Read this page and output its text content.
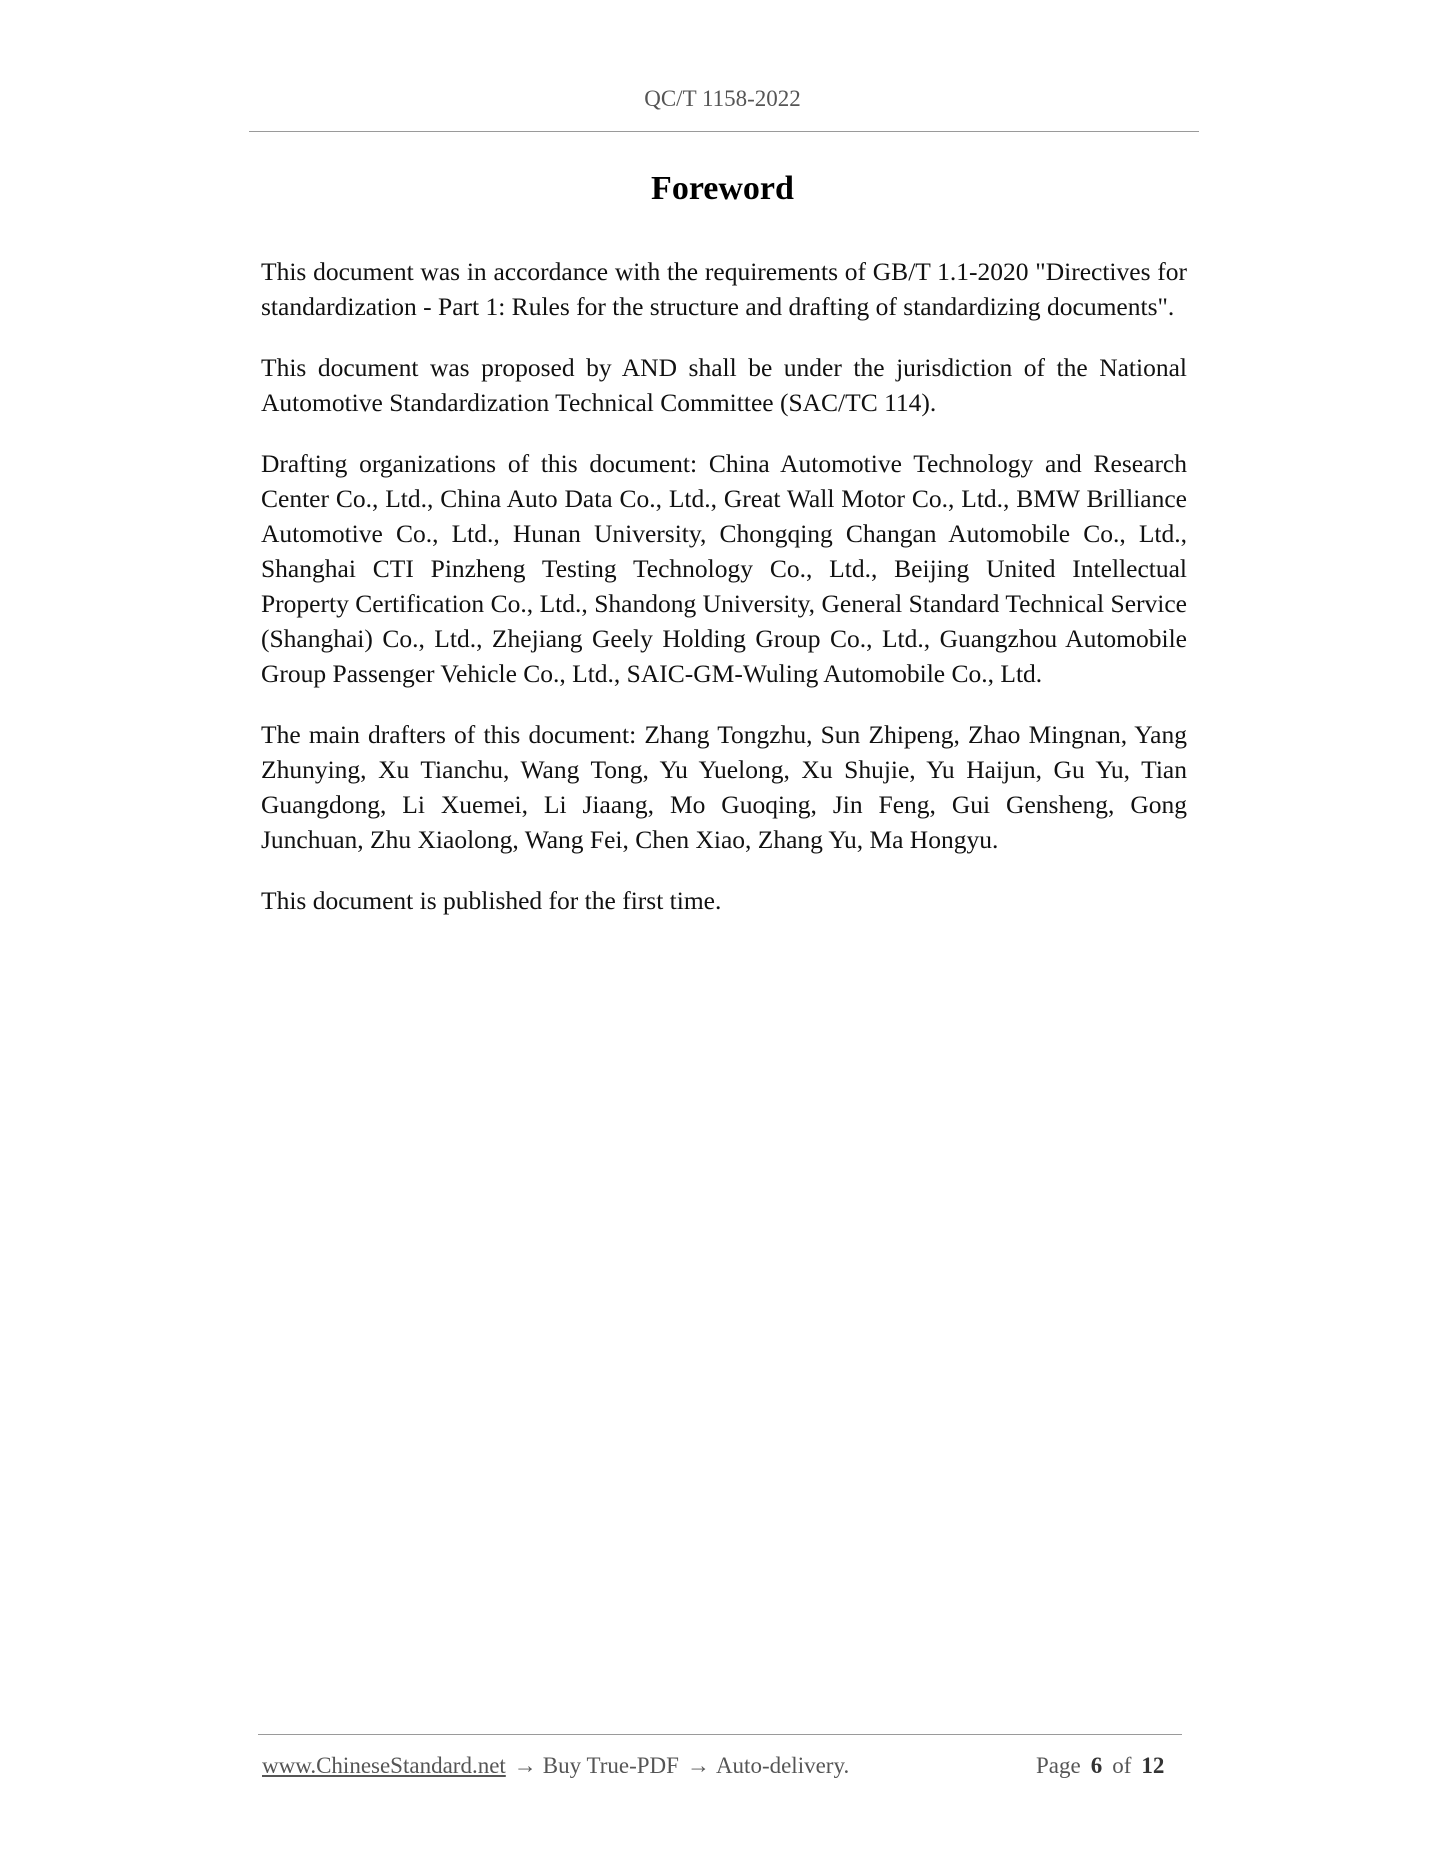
QC/T 1158-2022
Foreword

This document was in accordance with the requirements of GB/T 1.1-2020 "Directives for standardization - Part 1: Rules for the structure and drafting of standardizing documents".

This document was proposed by AND shall be under the jurisdiction of the National Automotive Standardization Technical Committee (SAC/TC 114).

Drafting organizations of this document: China Automotive Technology and Research Center Co., Ltd., China Auto Data Co., Ltd., Great Wall Motor Co., Ltd., BMW Brilliance Automotive Co., Ltd., Hunan University, Chongqing Changan Automobile Co., Ltd., Shanghai CTI Pinzheng Testing Technology Co., Ltd., Beijing United Intellectual Property Certification Co., Ltd., Shandong University, General Standard Technical Service (Shanghai) Co., Ltd., Zhejiang Geely Holding Group Co., Ltd., Guangzhou Automobile Group Passenger Vehicle Co., Ltd., SAIC-GM-Wuling Automobile Co., Ltd.

The main drafters of this document: Zhang Tongzhu, Sun Zhipeng, Zhao Mingnan, Yang Zhunying, Xu Tianchu, Wang Tong, Yu Yuelong, Xu Shujie, Yu Haijun, Gu Yu, Tian Guangdong, Li Xuemei, Li Jiaang, Mo Guoqing, Jin Feng, Gui Gensheng, Gong Junchuan, Zhu Xiaolong, Wang Fei, Chen Xiao, Zhang Yu, Ma Hongyu.

This document is published for the first time.

www.ChineseStandard.net → Buy True-PDF → Auto-delivery.	Page 6 of 12
